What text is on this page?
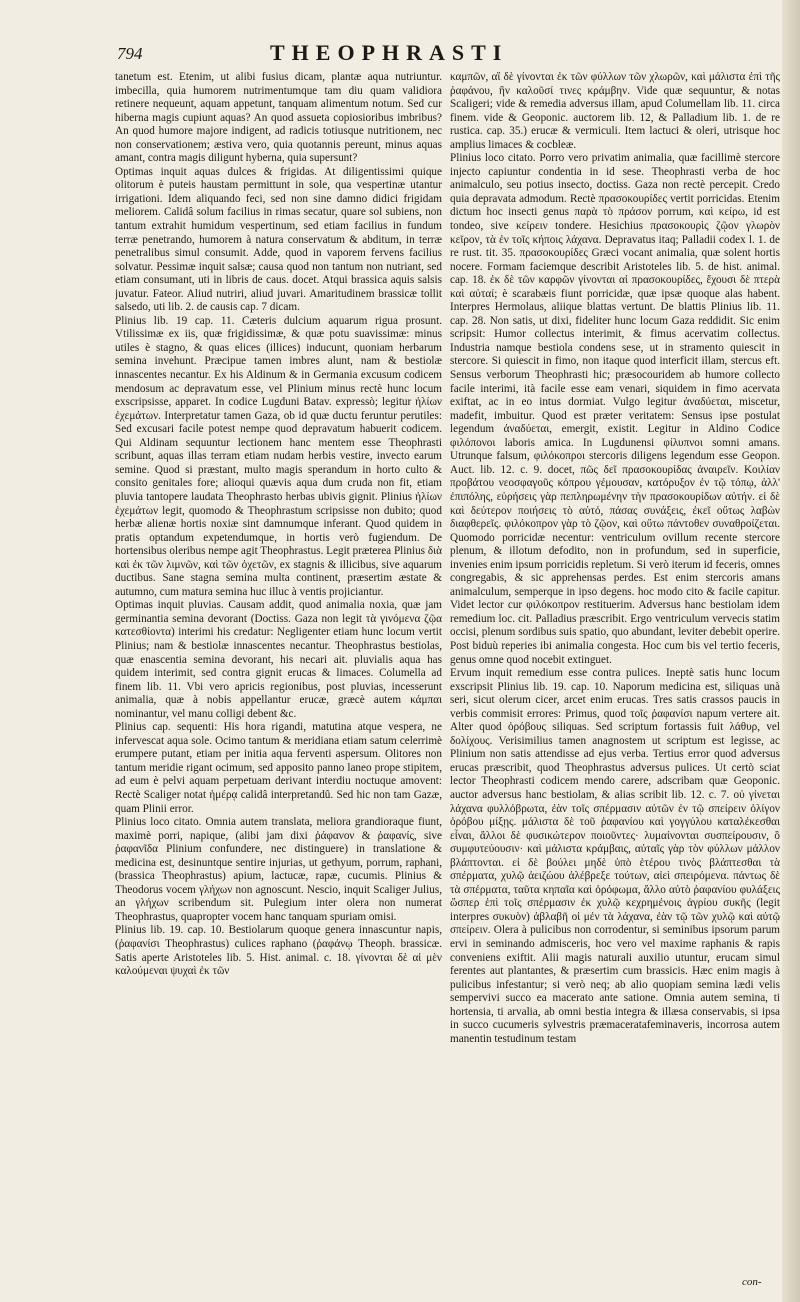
794	THEOPHRASTI

tanetum est. Etenim, ut alibi fusius dicam, plantæ aqua nutriuntur. imbecilla, quia humorem nutrimentumque tam diu quam validiora retinere nequeunt, aquam appetunt, tanquam alimentum notum. Sed cur hiberna magis cupiunt aquas? An quod assueta copiosioribus imbribus? An quod humore majore indigent, ad radicis totiusque nutritionem, nec non conservationem; æstiva vero, quia quotannis pereunt, minus aquas amant, contra magis diligunt hyberna, quia supersunt?

Optimas inquit aquas dulces & frigidas. At diligentissimi quique olitorum è puteis haustam permittunt in sole, qua vespertinæ utantur irrigationi. Idem aliquando feci, sed non sine damno didici frigidam meliorem. Calidâ solum facilius in rimas secatur, quare sol subiens, non tantum extrahit humidum vespertinum, sed etiam facilius in fundum terræ penetrando, humorem à natura conservatum & abditum, in terræ penetralibus simul consumit. Adde, quod in vaporem fervens facilius solvatur. Pessimæ inquit salsæ; causa quod non tantum non nutriant, sed etiam consumant, uti in libris de caus. docet. Atqui brassica aquis salsis juvatur. Fateor. Aliud nutriri, aliud juvari. Amaritudinem brassicæ tollit salsedo, uti lib. 2. de causis cap. 7 dicam.

Plinius lib. 19 cap. 11. Cæteris dulcium aquarum rigua prosunt. Vtilissimæ ex iis, quæ frigidissimæ, & quæ potu suavissimæ: minus utiles è stagno, & quas elices (illices) inducunt, quoniam herbarum semina invehunt. Præcipue tamen imbres alunt, nam & bestiolæ innascentes necantur. Ex his Aldinum & in Germania excusum codicem mendosum ac depravatum esse, vel Plinium minus rectè hunc locum exscripsisse, apparet. In codice Lugduni Batav. expressò; legitur ἠλίων ἐχεμάτων. Interpretatur tamen Gaza, ob id quæ ductu feruntur perutiles: Sed excusari facile potest nempe quod depravatum habuerit codicem. Qui Aldinam sequuntur lectionem hanc mentem esse Theophrasti scribunt, aquas illas terram etiam nudam herbis vestire, invecto earum semine. Quod si præstant, multo magis sperandum in horto culto & consito genitales fore; alioqui quævis aqua dum cruda non fit, etiam pluvia tantopere laudata Theophrasto herbas ubivis gignit. Plinius ἠλίων ἐχεμάτων legit, quomodo & Theophrastum scripsisse non dubito; quod herbæ alienæ hortis noxiæ sint damnumque inferant. Quod quidem in pratis optandum expetendumque, in hortis verò fugiendum. De hortensibus oleribus nempe agit Theophrastus. Legit præterea Plinius διὰ καὶ ἐκ τῶν λιμνῶν, καὶ τῶν ὀχετῶν, ex stagnis & illicibus, sive aquarum ductibus. Sane stagna semina multa continent, præsertim æstate & autumno, cum matura semina huc illuc à ventis projiciantur.

Optimas inquit pluvias. Causam addit, quod animalia noxia, quæ jam germinantia semina devorant (Doctiss. Gaza non legit τὰ γινόμενα ζῷα κατεσθίοντα) interimi his credatur: Negligenter etiam hunc locum vertit Plinius; nam & bestiolæ innascentes necantur. Theophrastus bestiolas, quæ enascentia semina devorant, his necari ait. pluvialis aqua has quidem interimit, sed contra gignit erucas & limaces. Columella ad finem lib. 11. Vbi vero apricis regionibus, post pluvias, incesserunt animalia, quæ à nobis appellantur erucæ, græcè autem κάμπαι nominantur, vel manu colligi debent &c.

Plinius cap. sequenti: His hora rigandi, matutina atque vespera, ne infervescat aqua sole. Ocimo tantum & meridiana etiam satum celerrimè erumpere putant, etiam per initia aqua ferventi aspersum. Olitores non tantum meridie rigant ocimum, sed apposito panno laneo prope stipitem, ad eum è pelvi aquam perpetuam derivant interdiu noctuque amovent: Rectè Scaliger notat ἡμέρᾳ calidâ interpretandû. Sed hic non tam Gazæ, quam Plinii error.

Plinius loco citato. Omnia autem translata, meliora grandioraque fiunt, maximè porri, napique, (alibi jam dixi ῥάφανον & ῥαφανίς, sive ῥαφανῖδα Plinium confundere, nec distinguere) in translatione & medicina est, desinuntque sentire injurias, ut gethyum, porrum, raphani, (brassica Theophrastus) apium, lactucæ, rapæ, cucumis. Plinius & Theodorus vocem γλήχων non agnoscunt. Nescio, inquit Scaliger Julius, an γλήχων scribendum sit. Pulegium inter olera non numerat Theophrastus, quapropter vocem hanc tanquam spuriam omisi.

Plinius lib. 19. cap. 10. Bestiolarum quoque genera innascuntur napis, (ῥαφανίσι Theophrastus) culices raphano (ῥαφάνῳ Theoph. brassicæ. Satis aperte Aristoteles lib. 5. Hist. animal. c. 18. γίνονται δὲ αἱ μὲν καλούμεναι ψυχαὶ ἐκ τῶν

καμπῶν, αἳ δὲ γίνονται ἐκ τῶν φύλλων τῶν χλωρῶν, καὶ μάλιστα ἐπὶ τῆς ῥαφάνου, ἣν καλοῦσί τινες κράμβην. Vide quæ sequuntur, & notas Scaligeri; vide & remedia adversus illam, apud Columellam lib. 11. circa finem. vide & Geoponic. auctorem lib. 12, & Palladium lib. 1. de re rustica. cap. 35.) erucæ & vermiculi. Item lactuci & oleri, utrisque hoc amplius limaces & cocbleæ.

Plinius loco citato. Porro vero privatim animalia, quæ facillimè stercore injecto capiuntur condentia in id sese. Theophrasti verba de hoc animalculo, seu potius insecto, doctiss. Gaza non rectè percepit. Credo quia depravata admodum. Rectè πρασοκουρίδες vertit porricidas. Etenim dictum hoc insecti genus παρὰ τὸ πράσον porrum, καὶ κείρω, id est tondeo, sive κείρειν tondere. Hesichius πρασοκουρὶς ζῷον γλωρὸν κεῖρον, τὰ ἐν τοῖς κήποις λάχανα. Depravatus itaq; Palladii codex l. 1. de re rust. tit. 35. πρασοκουρίδες Græci vocant animalia, quæ solent hortis nocere. Formam faciemque describit Aristoteles lib. 5. de hist. animal. cap. 18. ἐκ δὲ τῶν καρφῶν γίνονται αἱ πρασοκουρίδες, ἔχουσι δὲ πτερὰ καὶ αὐταί; è scarabæis fiunt porricidæ, quæ ipsæ quoque alas habent. Interpres Hermolaus, aliique blattas vertunt. De blattis Plinius lib. 11. cap. 28. Non satis, ut dixi, fideliter hunc locum Gaza reddidit. Sic enim scripsit: Humor collectus interimit, & fimus acervatim collectus. Industria namque bestiola condens sese, ut in stramento quiescit in stercore. Si quiescit in fimo, non itaque quod interficit illam, stercus eft. Sensus verborum Theophrasti hic; præsocouridem ab humore collecto facile interimi, ità facile esse eam venari, siquidem in fimo acervata exiftat, ac in eo intus dormiat. Vulgo legitur ἀναδύεται, miscetur, madefit, imbuitur. Quod est præter veritatem: Sensus ipse postulat legendum ἀναδύεται, emergit, existit. Legitur in Aldino Codice φιλόπονοι laboris amica. In Lugdunensi φίλυπνοι somni amans. Utrunque falsum, φιλόκοπροι stercoris diligens legendum esse Geopon. Auct. lib. 12. c. 9. docet, πῶς δεῖ πρασοκουρίδας ἀναιρεῖν. Κοιλίαν προβάτου νεοσφαγοῦς κόπρου γέμουσαν, κατόρυξον ἐν τῷ τόπῳ, ἀλλ' ἐπιπόλης, εὑρήσεις γὰρ πεπληρωμένην τὴν πρασοκουρίδων αὐτήν. εἰ δὲ καὶ δεύτερον ποιήσεις τὸ αὐτό, πάσας συνάξεις, ἐκεῖ οὔτως λαβὼν διαφθερεῖς. φιλόκοπρον γὰρ τὸ ζῷον, καὶ οὔτω πάντοθεν συναθροίζεται. Quomodo porricidæ necentur: ventriculum ovillum recente stercore plenum, & illotum defodito, non in profundum, sed in superficie, invenies enim ipsum porricidis repletum. Si verò iterum id feceris, omnes congregabis, & sic apprehensas perdes. Est enim stercoris amans animalculum, semperque in ipso degens. hoc modo cito & facile capitur. Videt lector cur φιλόκοπρον restituerim. Adversus hanc bestiolam idem remedium loc. cit. Palladius præscribit. Ergo ventriculum vervecis statim occisi, plenum sordibus suis spatio, quo abundant, leviter debebit operire. Post biduù reperies ibi animalia congesta. Hoc cum bis vel tertio feceris, genus omne quod nocebit extinguet.

Ervum inquit remedium esse contra pulices. Ineptè satis hunc locum exscripsit Plinius lib. 19. cap. 10. Naporum medicina est, siliquas unà seri, sicut olerum cicer, arcet enim erucas. Tres satis crassos paucis in verbis commisit errores: Primus, quod τοῖς ῥαφανίσι napum vertere ait. Alter quod ὀρόβους siliquas. Sed scriptum fortassis fuit λάθυρ, vel δολίχους. Verisimilius tamen anagnostem ut scriptum est legisse, ac Plinium non satis attendisse ad ejus verba. Tertius error quod adversus erucas præscribit, quod Theophrastus adversus pulices. Ut certò sciat lector Theophrasti codicem mendo carere, adscribam quæ Geoponic. auctor adversus hanc bestiolam, & alias scribit lib. 12. c. 7. οὐ γίνεται λάχανα φυλλόβρωτα, ἐὰν τοῖς σπέρμασιν αὐτῶν ἐν τῷ σπείρειν ὀλίγον ὀρόβου μίξῃς. μάλιστα δὲ τοῦ ῥαφανίου καὶ γογγύλου καταλέκεσθαι εἶναι, ἄλλοι δὲ φυσικώτερον ποιοῦντες· λυμαίνονται συσπείρουσιν, ὃ συμφυτεύουσιν· καὶ μάλιστα κράμβαις, αὐταῖς γὰρ τὸν φύλλων μάλλον βλάπτονται. εἰ δὲ βούλει μηδὲ ὑπὸ ἑτέρου τινὸς βλάπτεσθαι τὰ σπέρματα, χυλῷ ἀειζώου ἀλέβρεξε τούτων, αἰεὶ σπειρόμενα. πάντως δὲ τὰ σπέρματα, ταῦτα κηπαῖα καὶ ὀρόφωμα, ἄλλο αὐτὸ ῥαφανίου φυλάξεις ὥσπερ ἑπὶ τοῖς σπέρμασιν ἐκ χυλῷ κεχρημένοις ἀγρίου συκῆς (legit interpres συκυὸν) ἀβλαβῆ οἱ μέν τὰ λάχανα, ἐὰν τῷ τῶν χυλῷ καὶ αὐτῷ σπείρειν. Olera à pulicibus non corrodentur, si seminibus ipsorum parum ervi in seminando admisceris, hoc vero vel maxime raphanis & rapis conveniens exiftit. Alii magis naturali auxilio utuntur, erucam simul ferentes aut plantantes, & præsertim cum brassicis. Hæc enim magis à pulicibus infestantur; si verò neq; ab alio quopiam semina lædi velis sempervivi succo ea macerato ante satione. Omnia autem semina, ti hortensia, ti arvalia, ab omni bestia integra & illæsa conservabis, si ipsa in succo cucumeris sylvestris præmaceratafeminaveris, incorrosa autem manentin testudinum testam

con-
